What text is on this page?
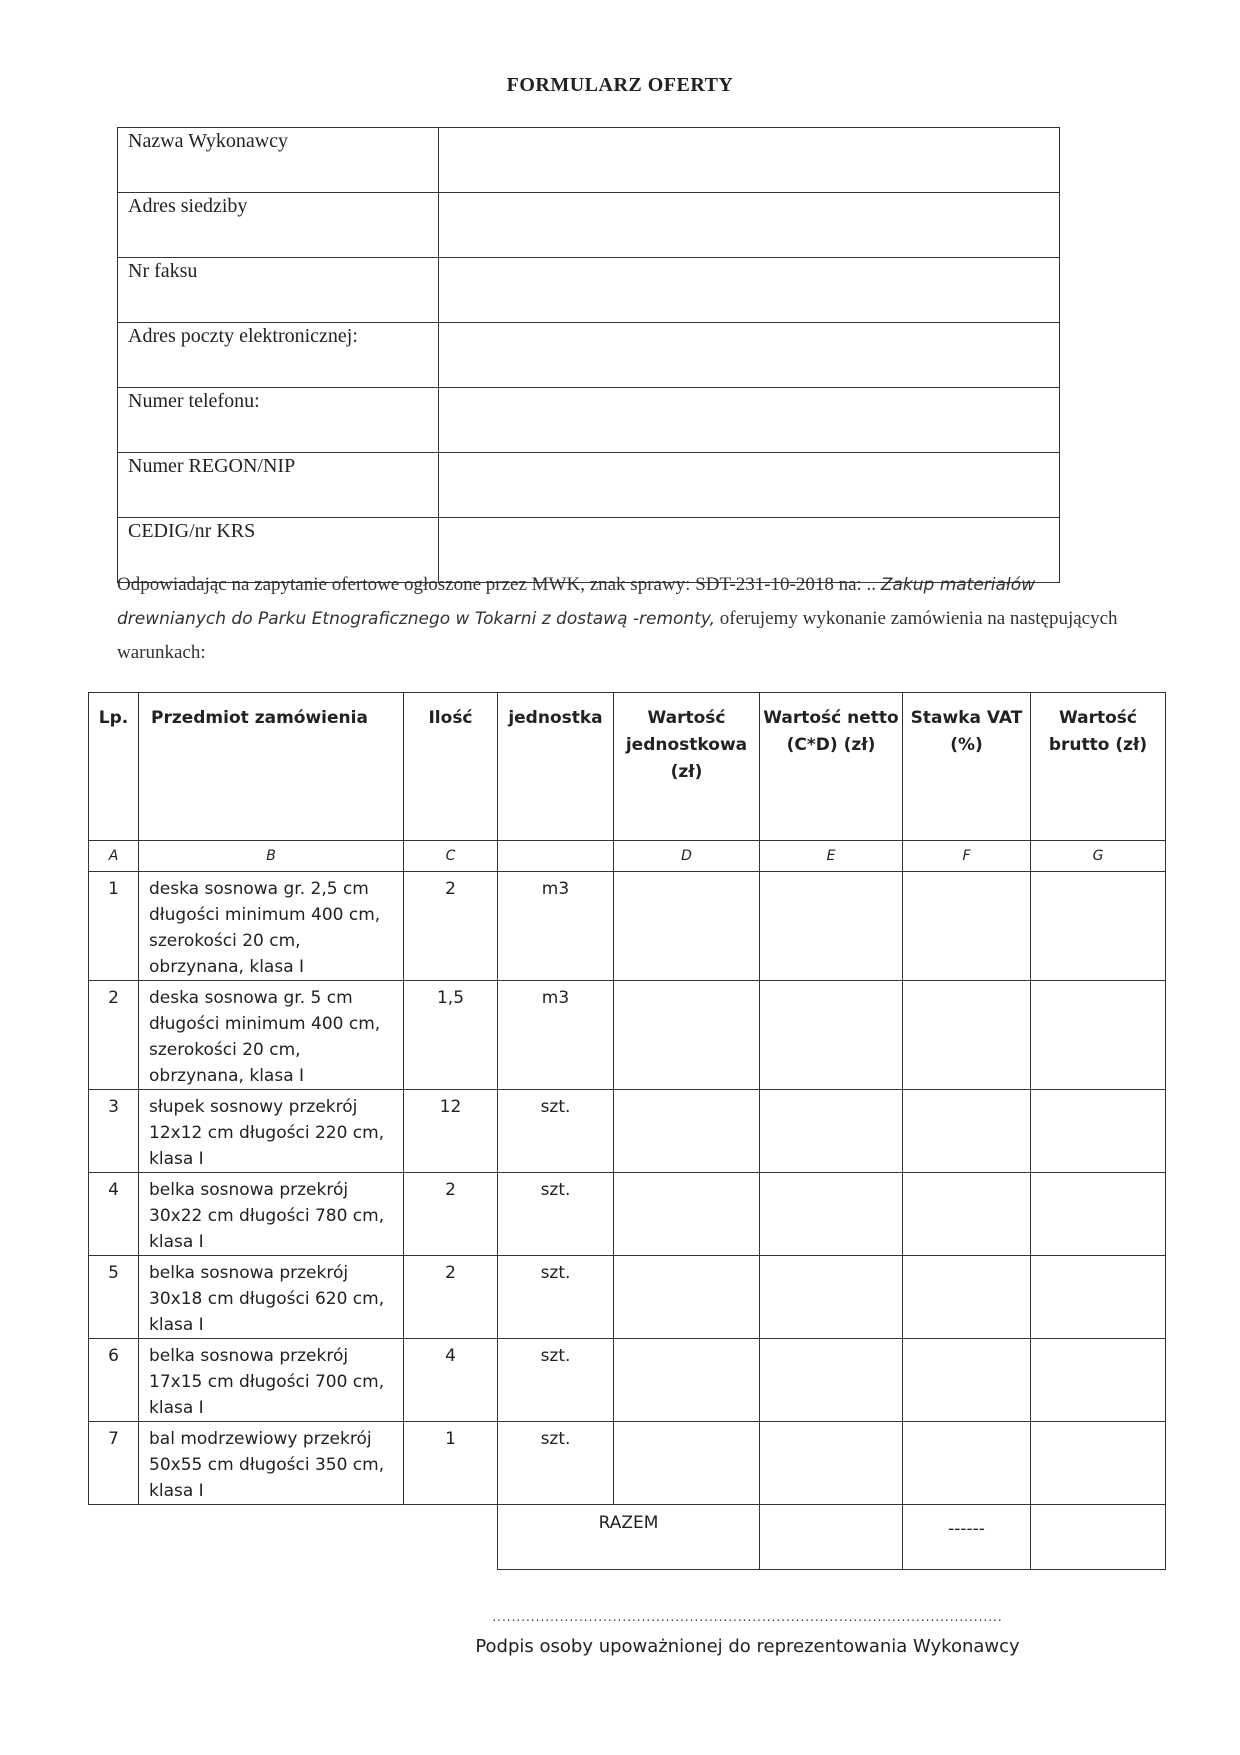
FORMULARZ OFERTY
Nazwa Wykonawcy	
Adres siedziby	
Nr faksu	
Adres poczty elektronicznej:	
Numer telefonu:	
Numer REGON/NIP	
CEDIG/nr KRS	
Odpowiadając na zapytanie ofertowe ogłoszone przez MWK, znak sprawy: SDT-231-10-2018 na: .. Zakup materiałów drewnianych do Parku Etnograficznego w Tokarni z dostawą -remonty, oferujemy wykonanie zamówienia na następujących warunkach:
Lp.	Przedmiot zamówienia	Ilość	jednostka	Wartość jednostkowa (zł)	Wartość netto (C*D) (zł)	Stawka VAT (%)	Wartość brutto (zł)
A	B	C		D	E	F	G
1	deska sosnowa gr. 2,5 cm długości minimum 400 cm, szerokości 20 cm, obrzynana, klasa I	2	m3				
2	deska sosnowa gr. 5 cm długości minimum 400 cm, szerokości 20 cm, obrzynana, klasa I	1,5	m3				
3	słupek sosnowy przekrój 12x12 cm długości 220 cm, klasa I	12	szt.				
4	belka sosnowa przekrój 30x22 cm długości 780 cm, klasa I	2	szt.				
5	belka sosnowa przekrój 30x18 cm długości 620 cm, klasa I	2	szt.				
6	belka sosnowa przekrój 17x15 cm długości 700 cm, klasa I	4	szt.				
7	bal modrzewiowy przekrój 50x55 cm długości 350 cm, klasa I	1	szt.				
			RAZEM			------	
..........................................................................................................
Podpis osoby upoważnionej do reprezentowania Wykonawcy
